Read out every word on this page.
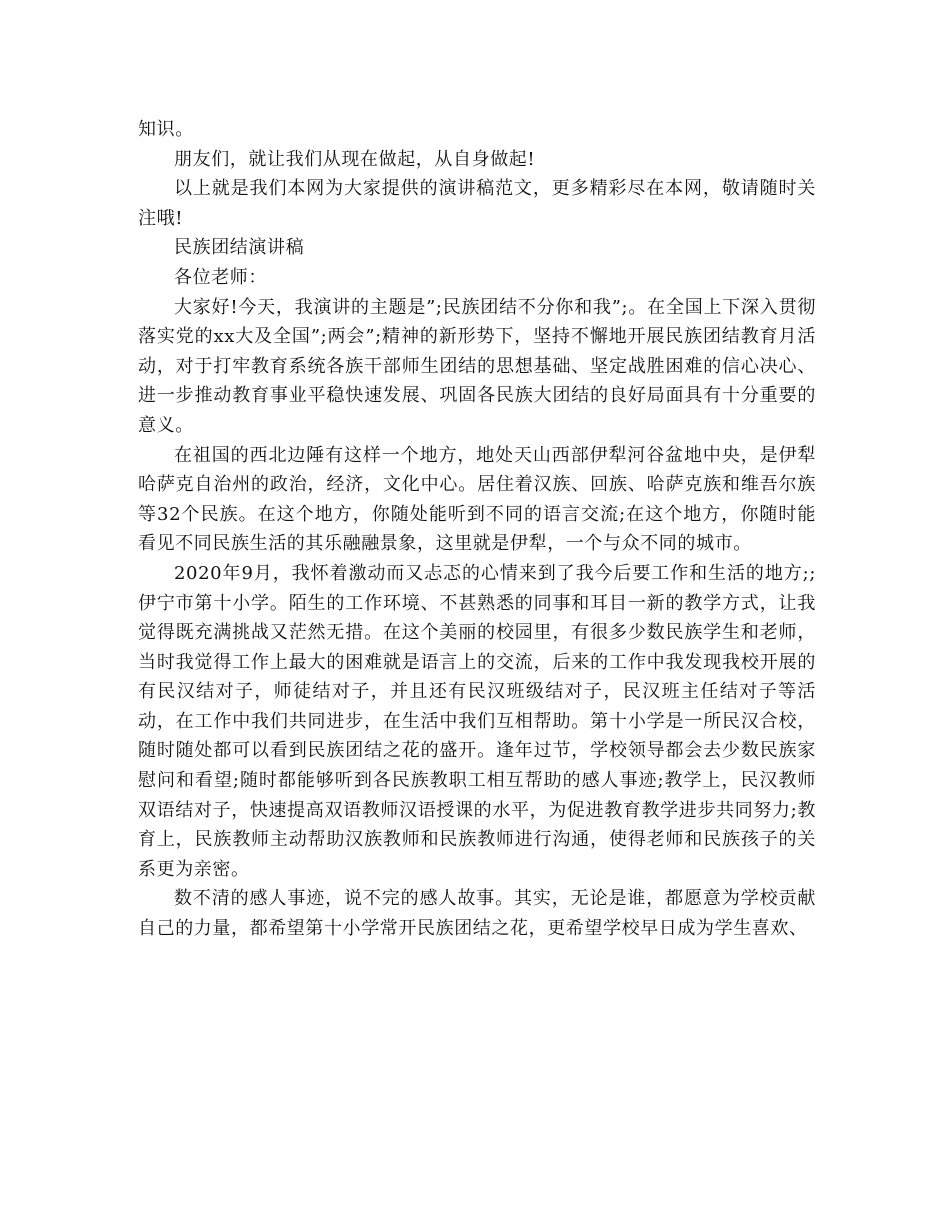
知识。

朋友们，就让我们从现在做起，从自身做起!

以上就是我们本网为大家提供的演讲稿范文，更多精彩尽在本网，敬请随时关注哦!

民族团结演讲稿

各位老师：

大家好!今天，我演讲的主题是”;民族团结不分你和我”;。在全国上下深入贯彻落实党的xx大及全国”;两会”;精神的新形势下，坚持不懈地开展民族团结教育月活动，对于打牢教育系统各族干部师生团结的思想基础、坚定战胜困难的信心决心、进一步推动教育事业平稳快速发展、巩固各民族大团结的良好局面具有十分重要的意义。

在祖国的西北边陲有这样一个地方，地处天山西部伊犁河谷盆地中央，是伊犁哈萨克自治州的政治，经济，文化中心。居住着汉族、回族、哈萨克族和维吾尔族等32个民族。在这个地方，你随处能听到不同的语言交流;在这个地方，你随时能看见不同民族生活的其乐融融景象，这里就是伊犁，一个与众不同的城市。

2020年9月，我怀着激动而又忐忑的心情来到了我今后要工作和生活的地方;;伊宁市第十小学。陌生的工作环境、不甚熟悉的同事和耳目一新的教学方式，让我觉得既充满挑战又茫然无措。在这个美丽的校园里，有很多少数民族学生和老师，当时我觉得工作上最大的困难就是语言上的交流，后来的工作中我发现我校开展的有民汉结对子，师徒结对子，并且还有民汉班级结对子，民汉班主任结对子等活动，在工作中我们共同进步，在生活中我们互相帮助。第十小学是一所民汉合校，随时随处都可以看到民族团结之花的盛开。逢年过节，学校领导都会去少数民族家慰问和看望;随时都能够听到各民族教职工相互帮助的感人事迹;教学上，民汉教师双语结对子，快速提高双语教师汉语授课的水平，为促进教育教学进步共同努力;教育上，民族教师主动帮助汉族教师和民族教师进行沟通，使得老师和民族孩子的关系更为亲密。

数不清的感人事迹，说不完的感人故事。其实，无论是谁，都愿意为学校贡献自己的力量，都希望第十小学常开民族团结之花，更希望学校早日成为学生喜欢、
